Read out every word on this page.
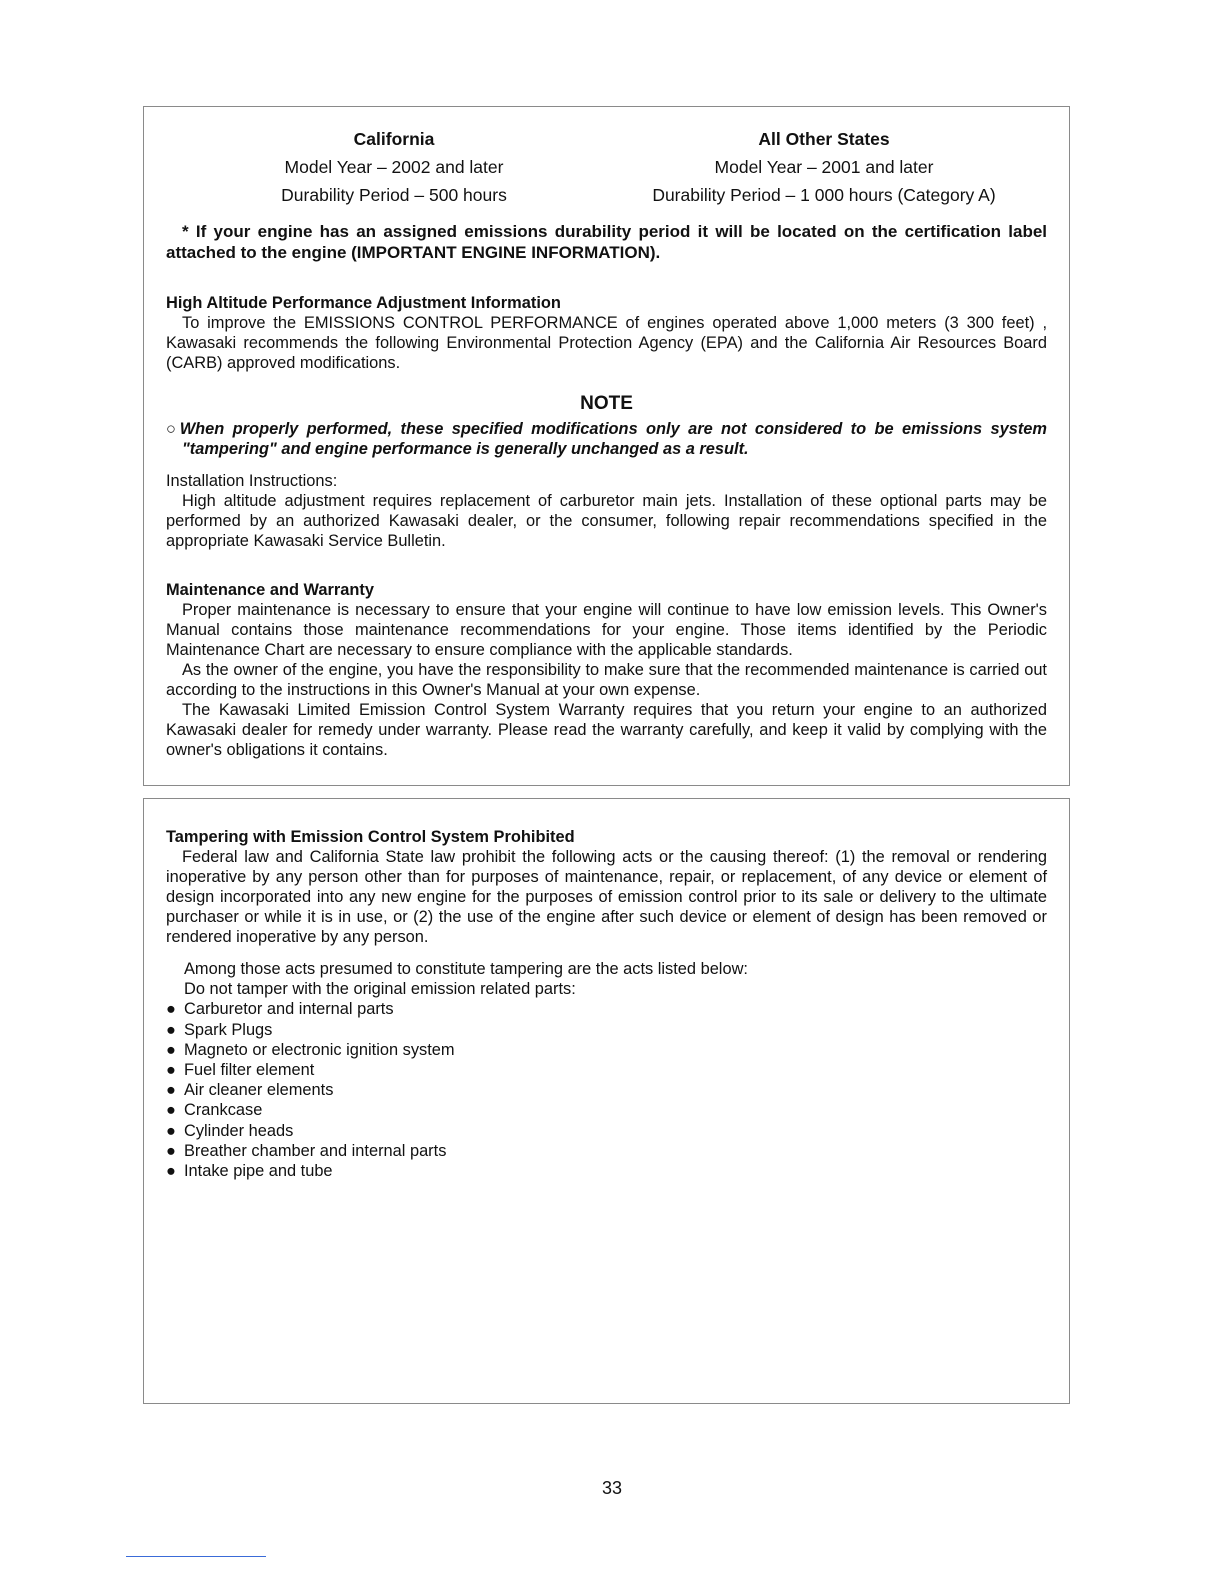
California
Model Year – 2002 and later
Durability Period – 500 hours
All Other States
Model Year – 2001 and later
Durability Period – 1 000 hours (Category A)

* If your engine has an assigned emissions durability period it will be located on the certification label attached to the engine (IMPORTANT ENGINE INFORMATION).

High Altitude Performance Adjustment Information

To improve the EMISSIONS CONTROL PERFORMANCE of engines operated above 1,000 meters (3 300 feet) , Kawasaki recommends the following Environmental Protection Agency (EPA) and the California Air Resources Board (CARB) approved modifications.

NOTE

○When properly performed, these specified modifications only are not considered to be emissions system "tampering" and engine performance is generally unchanged as a result.

Installation Instructions:

High altitude adjustment requires replacement of carburetor main jets. Installation of these optional parts may be performed by an authorized Kawasaki dealer, or the consumer, following repair recommendations specified in the appropriate Kawasaki Service Bulletin.

Maintenance and Warranty

Proper maintenance is necessary to ensure that your engine will continue to have low emission levels. This Owner's Manual contains those maintenance recommendations for your engine. Those items identified by the Periodic Maintenance Chart are necessary to ensure compliance with the applicable standards.

As the owner of the engine, you have the responsibility to make sure that the recommended maintenance is carried out according to the instructions in this Owner's Manual at your own expense.

The Kawasaki Limited Emission Control System Warranty requires that you return your engine to an authorized Kawasaki dealer for remedy under warranty. Please read the warranty carefully, and keep it valid by complying with the owner's obligations it contains.

Tampering with Emission Control System Prohibited

Federal law and California State law prohibit the following acts or the causing thereof: (1) the removal or rendering inoperative by any person other than for purposes of maintenance, repair, or replacement, of any device or element of design incorporated into any new engine for the purposes of emission control prior to its sale or delivery to the ultimate purchaser or while it is in use, or (2) the use of the engine after such device or element of design has been removed or rendered inoperative by any person.

Among those acts presumed to constitute tampering are the acts listed below:
Do not tamper with the original emission related parts:
● Carburetor and internal parts
● Spark Plugs
● Magneto or electronic ignition system
● Fuel filter element
● Air cleaner elements
● Crankcase
● Cylinder heads
● Breather chamber and internal parts
● Intake pipe and tube
33
